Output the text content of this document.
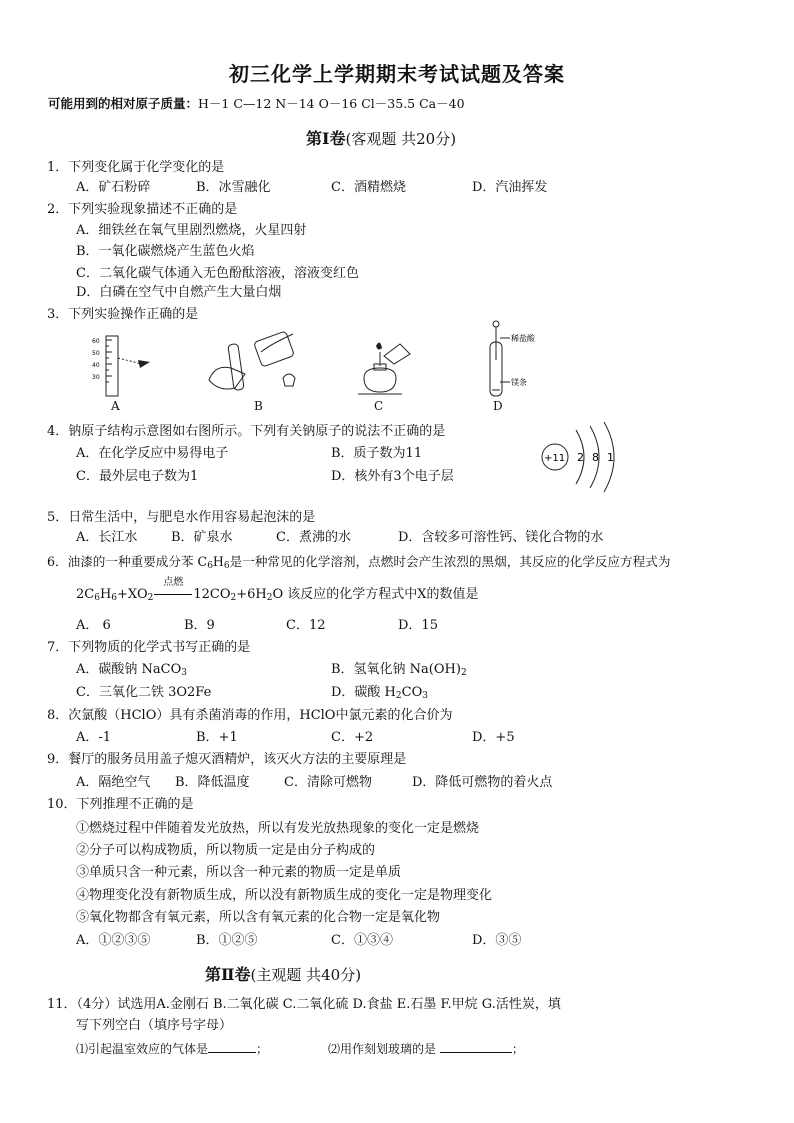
初三化学上学期期末考试试题及答案
可能用到的相对原子质量：H－1 C—12 N－14 O－16 Cl－35.5 Ca－40
第Ⅰ卷(客观题 共20分)
1．下列变化属于化学变化的是
A．矿石粉碎	B．冰雪融化	C．酒精燃烧	D．汽油挥发
2．下列实验现象描述不正确的是
A．细铁丝在氧气里剧烈燃烧，火星四射
B．一氧化碳燃烧产生蓝色火焰
C．二氧化碳气体通入无色酚酞溶液，溶液变红色
D．白磷在空气中自燃产生大量白烟
3．下列实验操作正确的是
60
50
40
30
A	B	C
稀盐酸
镁条
D
4．钠原子结构示意图如右图所示。下列有关钠原子的说法不正确的是
A．在化学反应中易得电子	B．质子数为11
C．最外层电子数为1	D．核外有3个电子层
+11 2 8 1
5．日常生活中，与肥皂水作用容易起泡沫的是
A．长江水	B．矿泉水	C．煮沸的水	D．含较多可溶性钙、镁化合物的水
6．油漆的一种重要成分苯 $C_6H_6$是一种常见的化学溶剂，点燃时会产生浓烈的黑烟，其反应的化学反应方程式为
$2C_6H_6+XO_2$
点燃
$12CO_2+6H_2O$ 该反应的化学方程式中X的数值是
A． 6	B．9	C．12	D．15
7．下列物质的化学式书写正确的是
A．碳酸钠 NaCO$_3$	B．氢氧化钠 $Na(OH)_2$
C．三氧化二铁 3O2Fe	D．碳酸 $H_2CO_3$
8．次氯酸（HClO）具有杀菌消毒的作用，HClO中氯元素的化合价为
A．-1	B．+1	C．+2	D．+5
9．餐厅的服务员用盖子熄灭酒精炉，该灭火方法的主要原理是
A．隔绝空气 B．降低温度	C．清除可燃物	D．降低可燃物的着火点
10．下列推理不正确的是
①燃烧过程中伴随着发光放热，所以有发光放热现象的变化一定是燃烧
②分子可以构成物质，所以物质一定是由分子构成的
③单质只含一种元素，所以含一种元素的物质一定是单质
④物理变化没有新物质生成，所以没有新物质生成的变化一定是物理变化
⑤氧化物都含有氧元素，所以含有氧元素的化合物一定是氧化物
A．①②③⑤	B．①②⑤	C．①③④	D．③⑤
第Ⅱ卷(主观题 共40分)
11．（4分）试选用A.金刚石 B.二氧化碳 C.二氧化硫 D.食盐 E.石墨 F.甲烷 G.活性炭，填
写下列空白（填序号字母）
⑴引起温室效应的气体是	；	⑵用作刻划玻璃的是	；
